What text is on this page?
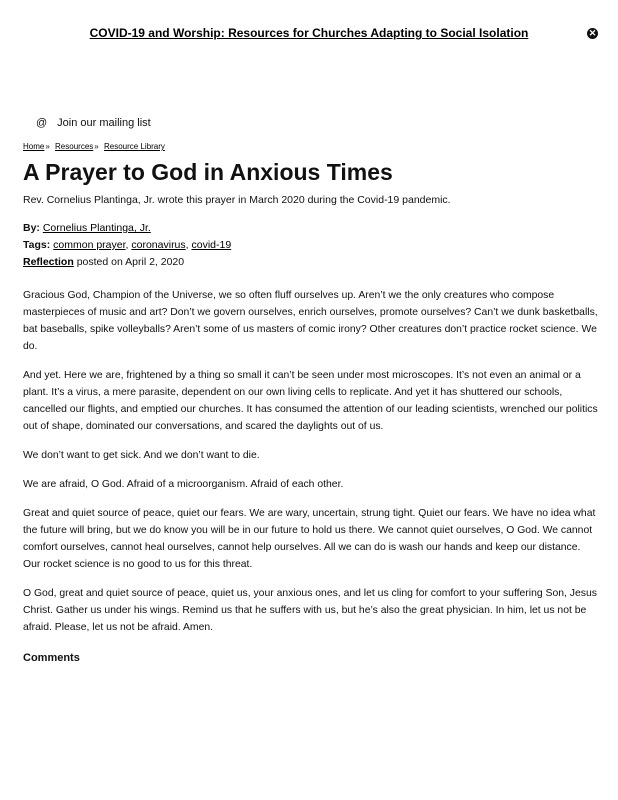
COVID-19 and Worship: Resources for Churches Adapting to Social Isolation	✕
@ Join our mailing list
Home» Resources» Resource Library
A Prayer to God in Anxious Times

Rev. Cornelius Plantinga, Jr. wrote this prayer in March 2020 during the Covid-19 pandemic.

By: Cornelius Plantinga, Jr.
Tags: common prayer, coronavirus, covid-19
Reflection posted on April 2, 2020

Gracious God, Champion of the Universe, we so often fluff ourselves up. Aren’t we the only creatures who compose masterpieces of music and art? Don’t we govern ourselves, enrich ourselves, promote ourselves? Can’t we dunk basketballs, bat baseballs, spike volleyballs? Aren’t some of us masters of comic irony? Other creatures don’t practice rocket science. We do.

And yet. Here we are, frightened by a thing so small it can’t be seen under most microscopes. It’s not even an animal or a plant. It’s a virus, a mere parasite, dependent on our own living cells to replicate. And yet it has shuttered our schools, cancelled our flights, and emptied our churches. It has consumed the attention of our leading scientists, wrenched our politics out of shape, dominated our conversations, and scared the daylights out of us.

We don’t want to get sick. And we don’t want to die.

We are afraid, O God. Afraid of a microorganism. Afraid of each other.

Great and quiet source of peace, quiet our fears. We are wary, uncertain, strung tight. Quiet our fears. We have no idea what the future will bring, but we do know you will be in our future to hold us there. We cannot quiet ourselves, O God. We cannot comfort ourselves, cannot heal ourselves, cannot help ourselves. All we can do is wash our hands and keep our distance. Our rocket science is no good to us for this threat.

O God, great and quiet source of peace, quiet us, your anxious ones, and let us cling for comfort to your suffering Son, Jesus Christ. Gather us under his wings. Remind us that he suffers with us, but he’s also the great physician. In him, let us not be afraid. Please, let us not be afraid. Amen.

Comments
